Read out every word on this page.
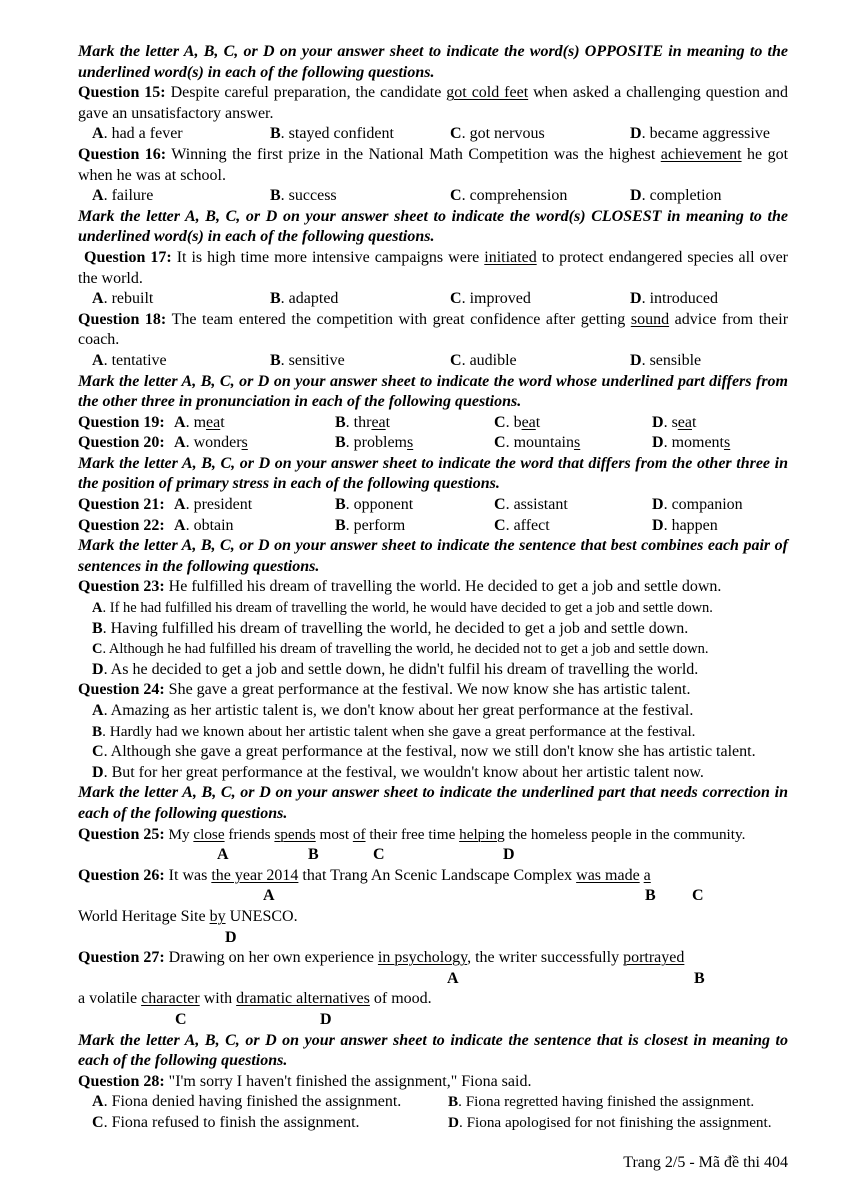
Mark the letter A, B, C, or D on your answer sheet to indicate the word(s) OPPOSITE in meaning to the underlined word(s) in each of the following questions.

Question 15: Despite careful preparation, the candidate got cold feet when asked a challenging question and gave an unsatisfactory answer.
A. had a fever	B. stayed confident	C. got nervous	D. became aggressive
Question 16: Winning the first prize in the National Math Competition was the highest achievement he got when he was at school.
A. failure	B. success	C. comprehension	D. completion

Mark the letter A, B, C, or D on your answer sheet to indicate the word(s) CLOSEST in meaning to the underlined word(s) in each of the following questions.

Question 17: It is high time more intensive campaigns were initiated to protect endangered species all over the world.
A. rebuilt	B. adapted	C. improved	D. introduced
Question 18: The team entered the competition with great confidence after getting sound advice from their coach.
A. tentative	B. sensitive	C. audible	D. sensible

Mark the letter A, B, C, or D on your answer sheet to indicate the word whose underlined part differs from the other three in pronunciation in each of the following questions.

Question 19: A. meat	B. threat	C. beat	D. seat
Question 20: A. wonders	B. problems	C. mountains	D. moments

Mark the letter A, B, C, or D on your answer sheet to indicate the word that differs from the other three in the position of primary stress in each of the following questions.

Question 21: A. president	B. opponent	C. assistant	D. companion
Question 22: A. obtain	B. perform	C. affect	D. happen

Mark the letter A, B, C, or D on your answer sheet to indicate the sentence that best combines each pair of sentences in the following questions.

Question 23: He fulfilled his dream of travelling the world. He decided to get a job and settle down.
A. If he had fulfilled his dream of travelling the world, he would have decided to get a job and settle down.
B. Having fulfilled his dream of travelling the world, he decided to get a job and settle down.
C. Although he had fulfilled his dream of travelling the world, he decided not to get a job and settle down.
D. As he decided to get a job and settle down, he didn't fulfil his dream of travelling the world.
Question 24: She gave a great performance at the festival. We now know she has artistic talent.
A. Amazing as her artistic talent is, we don't know about her great performance at the festival.
B. Hardly had we known about her artistic talent when she gave a great performance at the festival.
C. Although she gave a great performance at the festival, now we still don't know she has artistic talent.
D. But for her great performance at the festival, we wouldn't know about her artistic talent now.

Mark the letter A, B, C, or D on your answer sheet to indicate the underlined part that needs correction in each of the following questions.

Question 25: My close friends spends most of their free time helping the homeless people in the community.
A	B	C	D
Question 26: It was the year 2014 that Trang An Scenic Landscape Complex was made a
A	B C
World Heritage Site by UNESCO.
D
Question 27: Drawing on her own experience in psychology, the writer successfully portrayed
A	B
a volatile character with dramatic alternatives of mood.
C	D

Mark the letter A, B, C, or D on your answer sheet to indicate the sentence that is closest in meaning to each of the following questions.

Question 28: "I'm sorry I haven't finished the assignment," Fiona said.
A. Fiona denied having finished the assignment.	B. Fiona regretted having finished the assignment.
C. Fiona refused to finish the assignment.	D. Fiona apologised for not finishing the assignment.
Trang 2/5 - Mã đề thi 404
